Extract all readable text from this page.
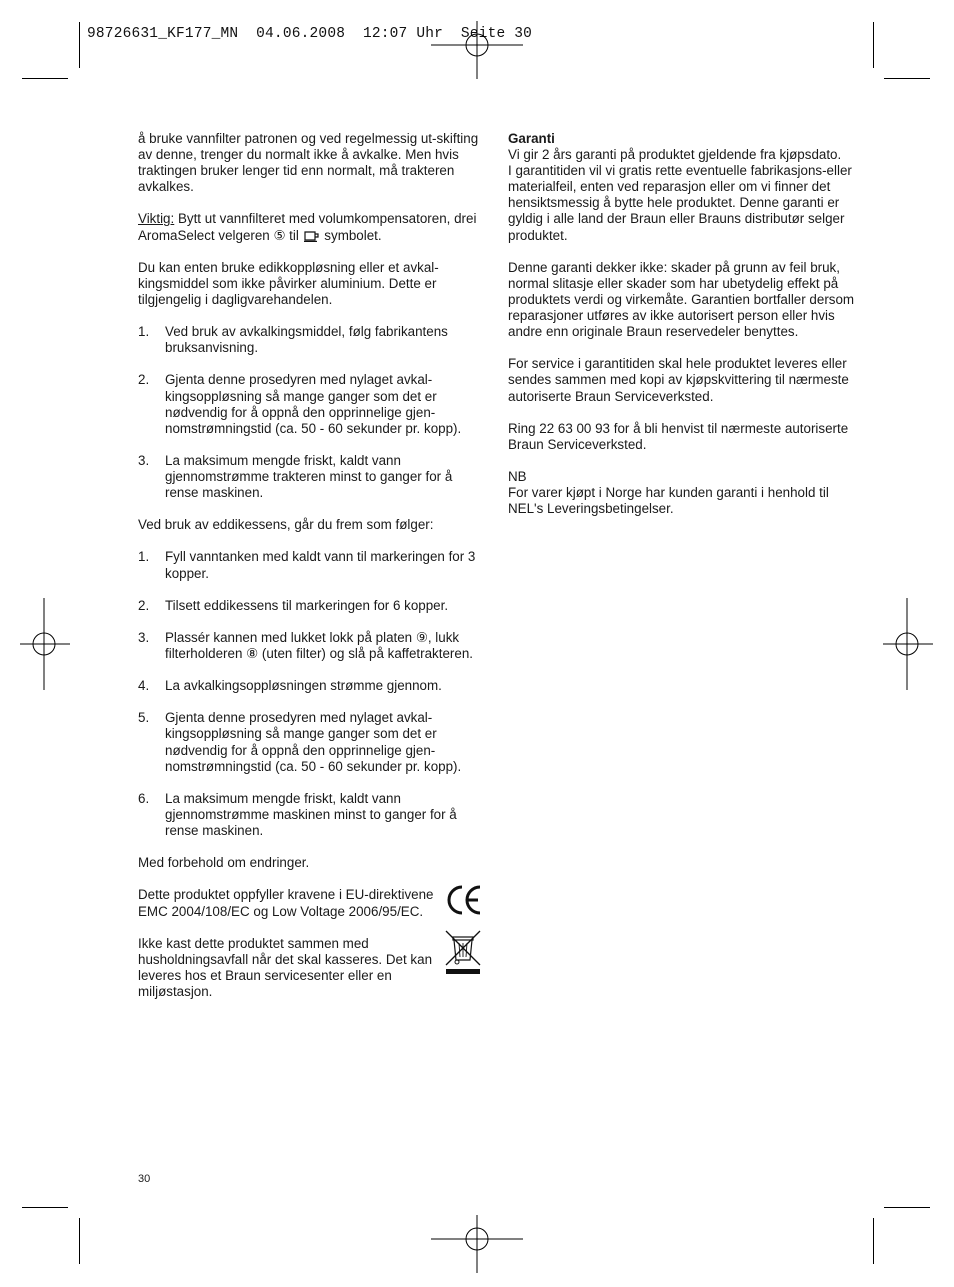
98726631_KF177_MN  04.06.2008  12:07 Uhr  Seite 30

å bruke vannfilter patronen og ved regelmessig ut-skifting av denne, trenger du normalt ikke å avkalke. Men hvis traktingen bruker lenger tid enn normalt, må trakteren avkalkes.

Viktig: Bytt ut vannfilteret med volumkompensatoren, drei AromaSelect velgeren ⑤ til  symbolet.

Du kan enten bruke edikkoppløsning eller et avkal-kingsmiddel som ikke påvirker aluminium. Dette er tilgjengelig i dagligvarehandelen.

1.	Ved bruk av avkalkingsmiddel, følg fabrikantens bruksanvisning.
2.	Gjenta denne prosedyren med nylaget avkal-kingsoppløsning så mange ganger som det er nødvendig for å oppnå den opprinnelige gjen-nomstrømningstid (ca. 50 - 60 sekunder pr. kopp).
3.	La maksimum mengde friskt, kaldt vann gjennomstrømme trakteren minst to ganger for å rense maskinen.

Ved bruk av eddikessens, går du frem som følger:

1.	Fyll vanntanken med kaldt vann til markeringen for 3 kopper.
2.	Tilsett eddikessens til markeringen for 6 kopper.
3.	Plassér kannen med lukket lokk på platen ⑨, lukk filterholderen ⑧ (uten filter) og slå på kaffetrakteren.
4.	La avkalkingsoppløsningen strømme gjennom.
5.	Gjenta denne prosedyren med nylaget avkal-kingsoppløsning så mange ganger som det er nødvendig for å oppnå den opprinnelige gjen-nomstrømningstid (ca. 50 - 60 sekunder pr. kopp).
6.	La maksimum mengde friskt, kaldt vann gjennomstrømme maskinen minst to ganger for å rense maskinen.

Med forbehold om endringer.

Dette produktet oppfyller kravene i EU-direktivene EMC 2004/108/EC og Low Voltage 2006/95/EC.

Ikke kast dette produktet sammen med husholdningsavfall når det skal kasseres. Det kan leveres hos et Braun servicesenter eller en miljøstasjon.

Garanti
Vi gir 2 års garanti på produktet gjeldende fra kjøpsdato.

I garantitiden vil vi gratis rette eventuelle fabrikasjons-eller materialfeil, enten ved reparasjon eller om vi finner det hensiktsmessig å bytte hele produktet. Denne garanti er gyldig i alle land der Braun eller Brauns distributør selger produktet.

Denne garanti dekker ikke: skader på grunn av feil bruk, normal slitasje eller skader som har ubetydelig effekt på produktets verdi og virkemåte. Garantien bortfaller dersom reparasjoner utføres av ikke autorisert person eller hvis andre enn originale Braun reservedeler benyttes.

For service i garantitiden skal hele produktet leveres eller sendes sammen med kopi av kjøpskvittering til nærmeste autoriserte Braun Serviceverksted.

Ring 22 63 00 93 for å bli henvist til nærmeste autoriserte Braun Serviceverksted.

NB

For varer kjøpt i Norge har kunden garanti i henhold til NEL's Leveringsbetingelser.

30
